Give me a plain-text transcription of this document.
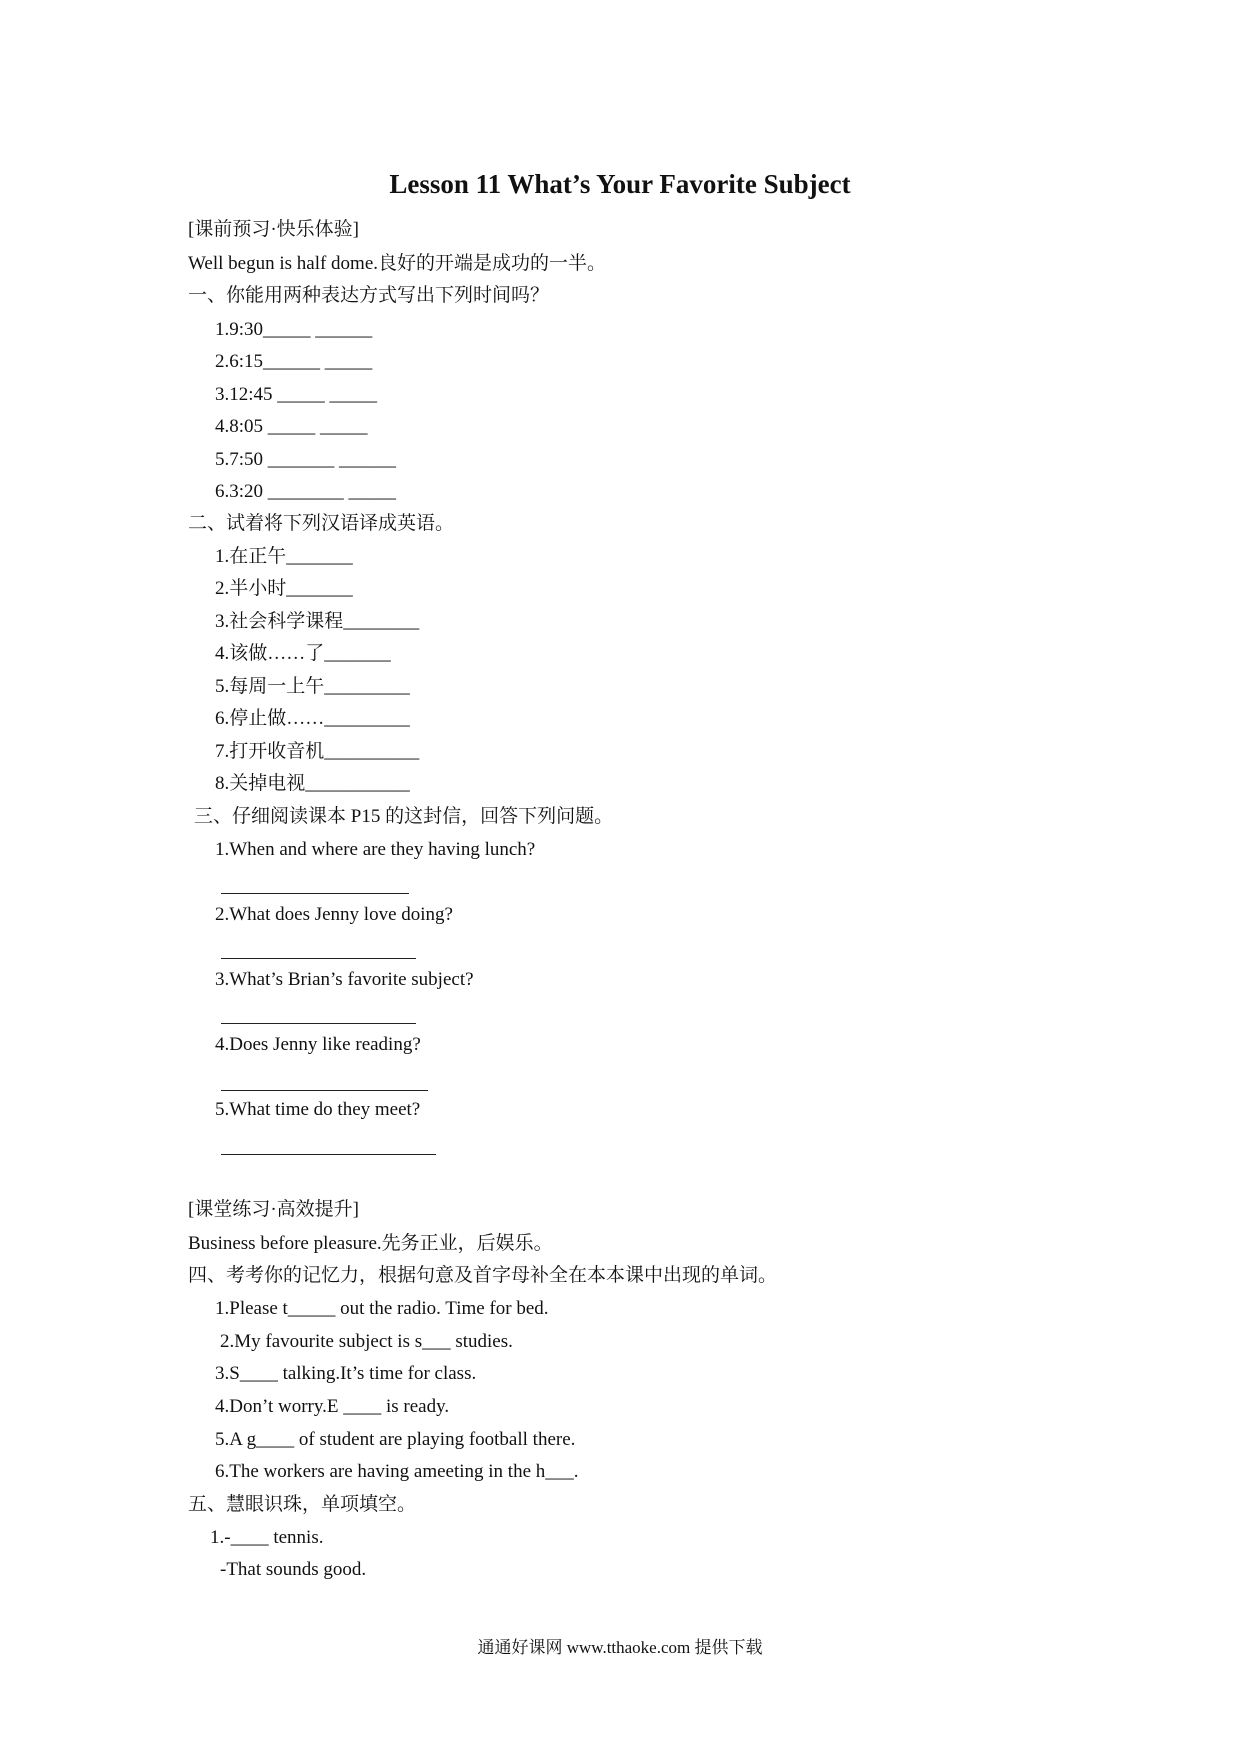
Lesson 11 What’s Your Favorite Subject
[课前预习·快乐体验]
Well begun is half dome.良好的开端是成功的一半。
一、你能用两种表达方式写出下列时间吗？
1.9:30_____ ______
2.6:15______ _____
3.12:45 _____ _____
4.8:05 _____ _____
5.7:50 _______ ______
6.3:20 ________ _____
二、试着将下列汉语译成英语。
1.在正午_______
2.半小时_______
3.社会科学课程________
4.该做……了_______
5.每周一上午_________
6.停止做……_________
7.打开收音机__________
8.关掉电视___________
三、仔细阅读课本 P15 的这封信，回答下列问题。
1.When and where are they having lunch?
2.What does Jenny love doing?
3.What’s Brian’s favorite subject?
4.Does Jenny like reading?
5.What time do they meet?
[课堂练习·高效提升]
Business before pleasure.先务正业，后娱乐。
四、考考你的记忆力，根据句意及首字母补全在本本课中出现的单词。
1.Please t_____ out the radio. Time for bed.
2.My favourite subject is s___ studies.
3.S____ talking.It’s time for class.
4.Don’t worry.E ____ is ready.
5.A g____ of student are playing football there.
6.The workers are having ameeting in the h___.
五、慧眼识珠，单项填空。
1.-____ tennis.
-That sounds good.
通通好课网 www.tthaoke.com 提供下载
